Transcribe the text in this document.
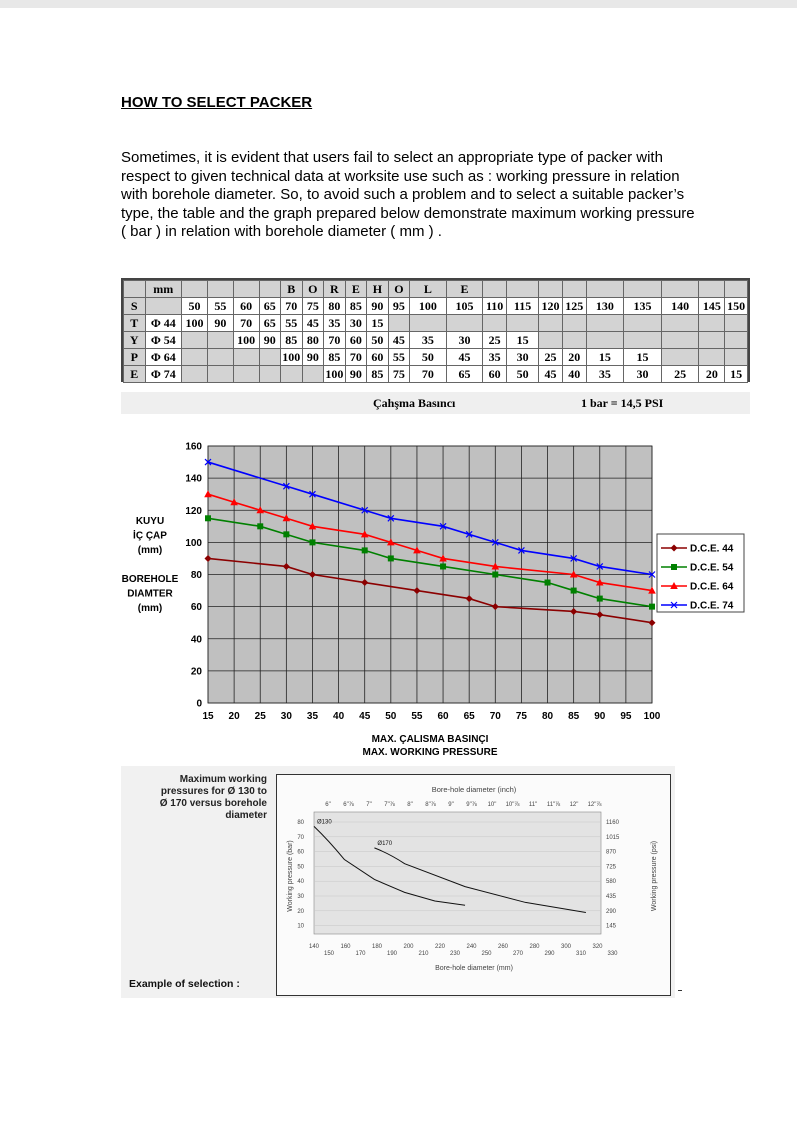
HOW TO SELECT PACKER
Sometimes, it is evident that users fail to select an appropriate type of packer with respect to given technical data at worksite use such as : working pressure in relation with borehole diameter. So, to avoid such a problem and to select a suitable packer’s type, the table and the graph prepared below demonstrate maximum working pressure ( bar ) in relation with borehole diameter ( mm ) .
	mm					B	O	R	E	H	O	L	E									
S		50	55	60	65	70	75	80	85	90	95	100	105	110	115	120	125	130	135	140	145	150
T	Φ 44	100	90	70	65	55	45	35	30	15												
Y	Φ 54			100	90	85	80	70	60	50	45	35	30	25	15							
P	Φ 64					100	90	85	70	60	55	50	45	35	30	25	20	15	15			
E	Φ 74							100	90	85	75	70	65	60	50	45	40	35	30	25	20	15
Çahşma Basıncı	1 bar = 14,5 PSI
15 20 25 30 35 40 45 50 55 60 65 70 75 80 85 90 95 100
0
20
40
60
80
100
120
140
160
KUYU
İÇ ÇAP
(mm)
BOREHOLE
DIAMTER
(mm)
MAX. ÇALISMA BASINÇI
MAX. WORKING PRESSURE
D.C.E. 44
D.C.E. 54
D.C.E. 64
D.C.E. 74
Maximum working pressures for Ø 130 to Ø 170 versus borehole diameter
Bore-hole diameter (inch)
6" 6"⅞ 7" 7"⅞ 8" 8"⅞ 9" 9"⅞ 10" 10"⅞ 11" 11"⅞ 12" 12"⅞
80
70
60
50
40
30
20
10
1160
1015
870
725
580
435
290
145
140	160	180	200	220	240	260	280	300	320
150	170	190	210	230	250	270	290	310	330
Bore-hole diameter (mm)
Working pressure (bar)	Working pressure (psi)
Ø130
Ø170
Example of selection :
